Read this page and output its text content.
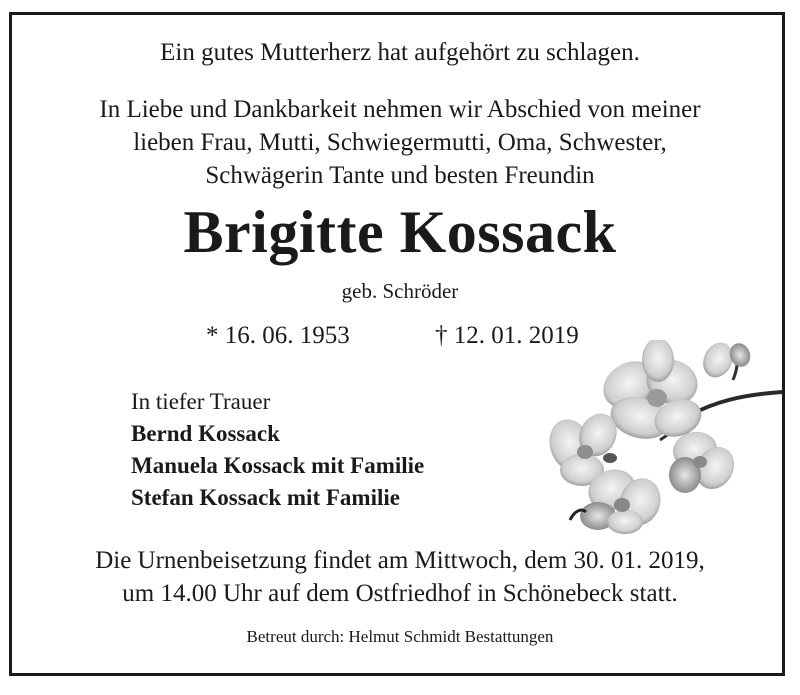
Ein gutes Mutterherz hat aufgehört zu schlagen.
In Liebe und Dankbarkeit nehmen wir Abschied von meiner
lieben Frau, Mutti, Schwiegermutti, Oma, Schwester,
Schwägerin Tante und besten Freundin
Brigitte Kossack
geb. Schröder
* 16. 06. 1953	† 12. 01. 2019
In tiefer Trauer
Bernd Kossack
Manuela Kossack mit Familie
Stefan Kossack mit Familie
Die Urnenbeisetzung findet am Mittwoch, dem 30. 01. 2019,
um 14.00 Uhr auf dem Ostfriedhof in Schönebeck statt.
Betreut durch: Helmut Schmidt Bestattungen
